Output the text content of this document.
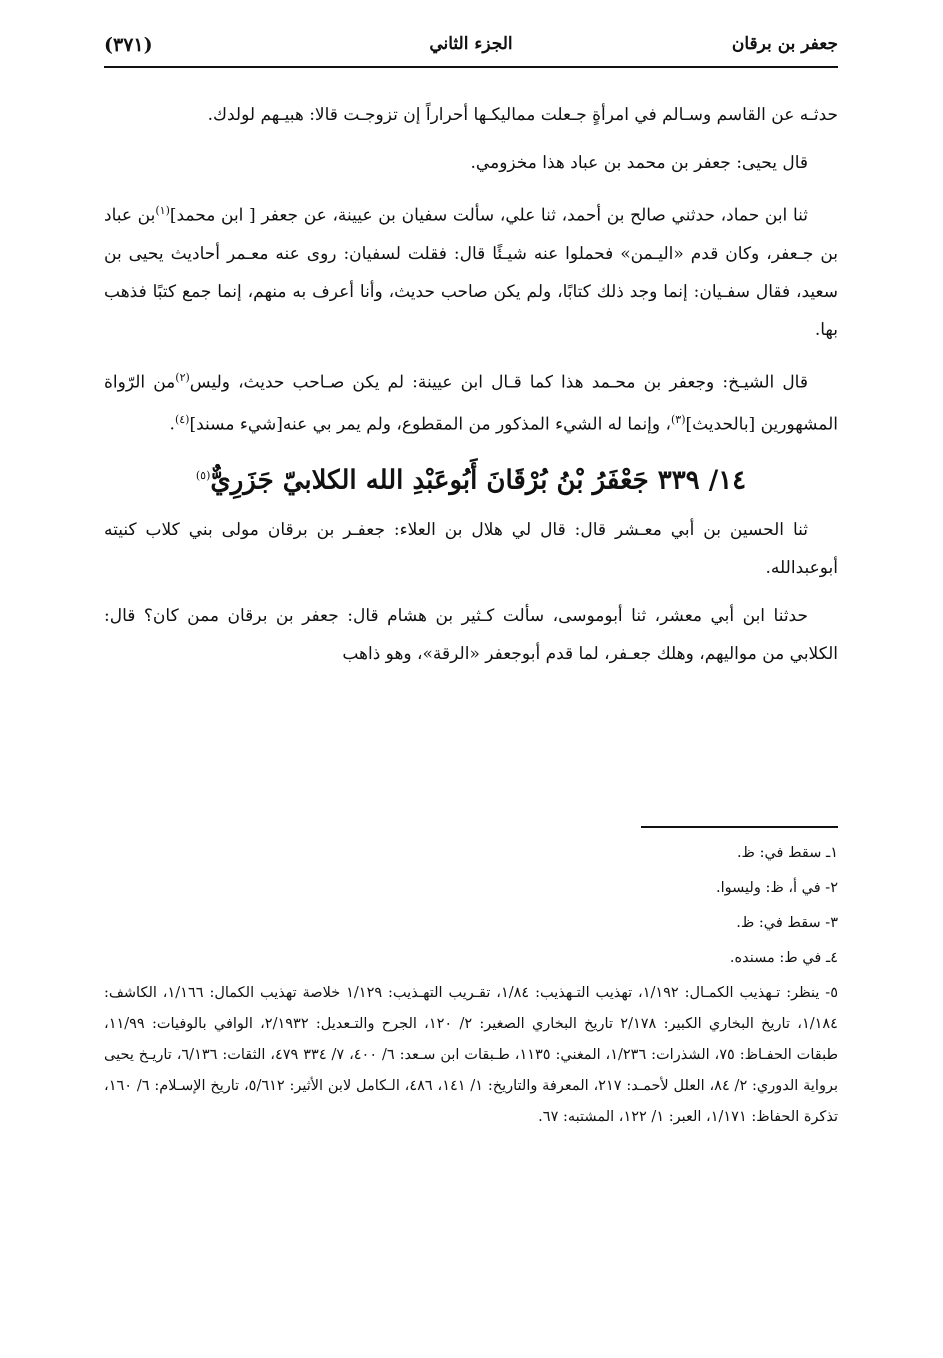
جعفر بن برقان
الجزء الثاني
(٣٧١)

حدثـه عن القاسم وسـالم في امرأةٍ جـعلت مماليكـها أحراراً إن تزوجـت قالا: هبيـهم لولدك.

قال يحيى: جعفر بن محمد بن عباد هذا مخزومي.

ثنا ابن حماد، حدثني صالح بن أحمد، ثنا علي، سألت سفيان بن عيينة، عن جعفر [ ابن محمد]$^{(١)}$بن عباد بن جـعفر، وكان قدم «اليـمن» فحملوا عنه شيـئًا قال: فقلت لسفيان: روى عنه معـمر أحاديث يحيى بن سعيد، فقال سفـيان: إنما وجد ذلك كتابًا، ولم يكن صاحب حديث، وأنا أعرف به منهم، إنما جمع كتبًا فذهب بها.

قال الشيـخ: وجعفر بن محـمد هذا كما قـال ابن عيينة: لم يكن صـاحب حديث، وليس$^{(٢)}$من الرّواة المشهورين [بالحديث]$^{(٣)}$، وإنما له الشيء المذكور من المقطوع، ولم يمر بي عنه[شيء مسند]$^{(٤)}$.

١٤/ ٣٣٩ جَعْفَرُ بْنُ بُرْقَانَ أَبُوعَبْدِ الله الكلابيّ جَزَرِيٌّ$^{(٥)}$

ثنا الحسين بن أبي معـشر قال: قال لي هلال بن العلاء: جعفـر بن برقان مولى بني كلاب كنيته أبوعبدالله.

حدثنا ابن أبي معشر، ثنا أبوموسى، سألت كـثير بن هشام قال: جعفر بن برقان ممن كان؟ قال: الكلابي من مواليهم، وهلك جعـفر، لما قدم أبوجعفر «الرقة»، وهو ذاهب

١ـ سقط في: ظ.

٢- في أ، ظ: وليسوا.

٣- سقط في: ظ.

٤ـ في ط: مسنده.

٥- ينظر: تـهذيب الكمـال: ١/١٩٢، تهذيب التـهذيب: ١/٨٤، تقـريب التهـذيب: ١/١٢٩ خلاصة تهذيب الكمال: ١/١٦٦، الكاشف: ١/١٨٤، تاريخ البخاري الكبير: ٢/١٧٨ تاريخ البخاري الصغير: ٢/ ١٢٠، الجرح والتـعديل: ٢/١٩٣٢، الوافي بالوفيات: ١١/٩٩، طبقات الحفـاظ: ٧٥، الشذرات: ١/٢٣٦، المغني: ١١٣٥، طـبقات ابن سـعد: ٦/ ٤٠٠، ٧/ ٣٣٤ ٤٧٩، الثقات: ٦/١٣٦، تاريـخ يحيى برواية الدوري: ٢/ ٨٤، العلل لأحمـد: ٢١٧، المعرفة والتاريخ: ١/ ١٤١، ٤٨٦، الـكامل لابن الأثير: ٥/٦١٢، تاريخ الإسـلام: ٦/ ١٦٠، تذكرة الحفاظ: ١/١٧١، العبر: ١/ ١٢٢، المشتبه: ٦٧.
